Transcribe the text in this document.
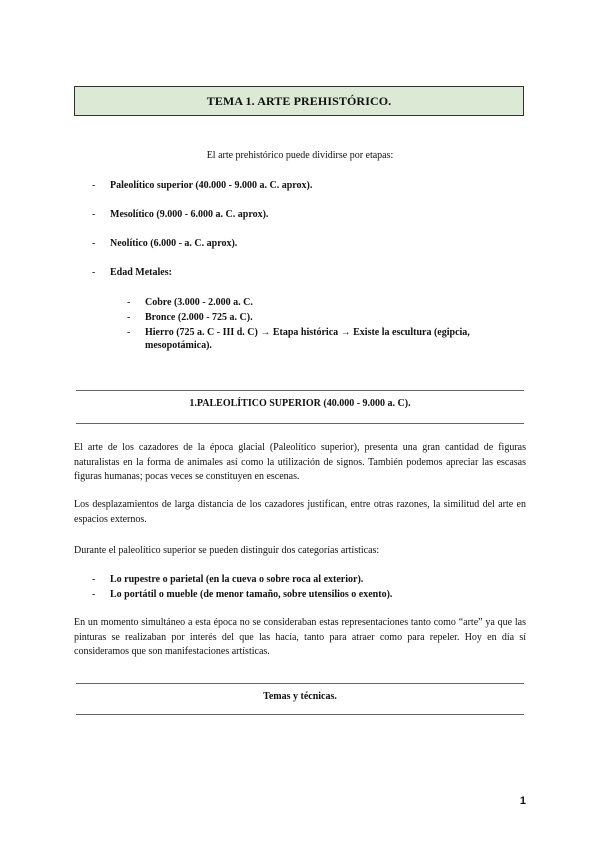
TEMA 1. ARTE PREHISTÓRICO.
El arte prehistórico puede dividirse por etapas:
- Paleolítico superior (40.000 - 9.000 a. C. aprox).
- Mesolítico (9.000 - 6.000 a. C. aprox).
- Neolítico (6.000 - a. C. aprox).
- Edad Metales:
- Cobre (3.000 - 2.000 a. C.
- Bronce (2.000 - 725 a. C).
- Hierro (725 a. C - III d. C) → Etapa histórica → Existe la escultura (egipcia, mesopotámica).
1.PALEOLÍTICO SUPERIOR (40.000 - 9.000 a. C).

El arte de los cazadores de la época glacial (Paleolítico superior), presenta una gran cantidad de figuras naturalistas en la forma de animales así como la utilización de signos. También podemos apreciar las escasas figuras humanas; pocas veces se constituyen en escenas.

Los desplazamientos de larga distancia de los cazadores justifican, entre otras razones, la similitud del arte en espacios externos.

Durante el paleolítico superior se pueden distinguir dos categorías artísticas:

- Lo rupestre o parietal (en la cueva o sobre roca al exterior).
- Lo portátil o mueble (de menor tamaño, sobre utensilios o exento).

En un momento simultáneo a esta época no se consideraban estas representaciones tanto como “arte” ya que las pinturas se realizaban por interés del que las hacía, tanto para atraer como para repeler. Hoy en día sí consideramos que son manifestaciones artísticas.

Temas y técnicas.
1
